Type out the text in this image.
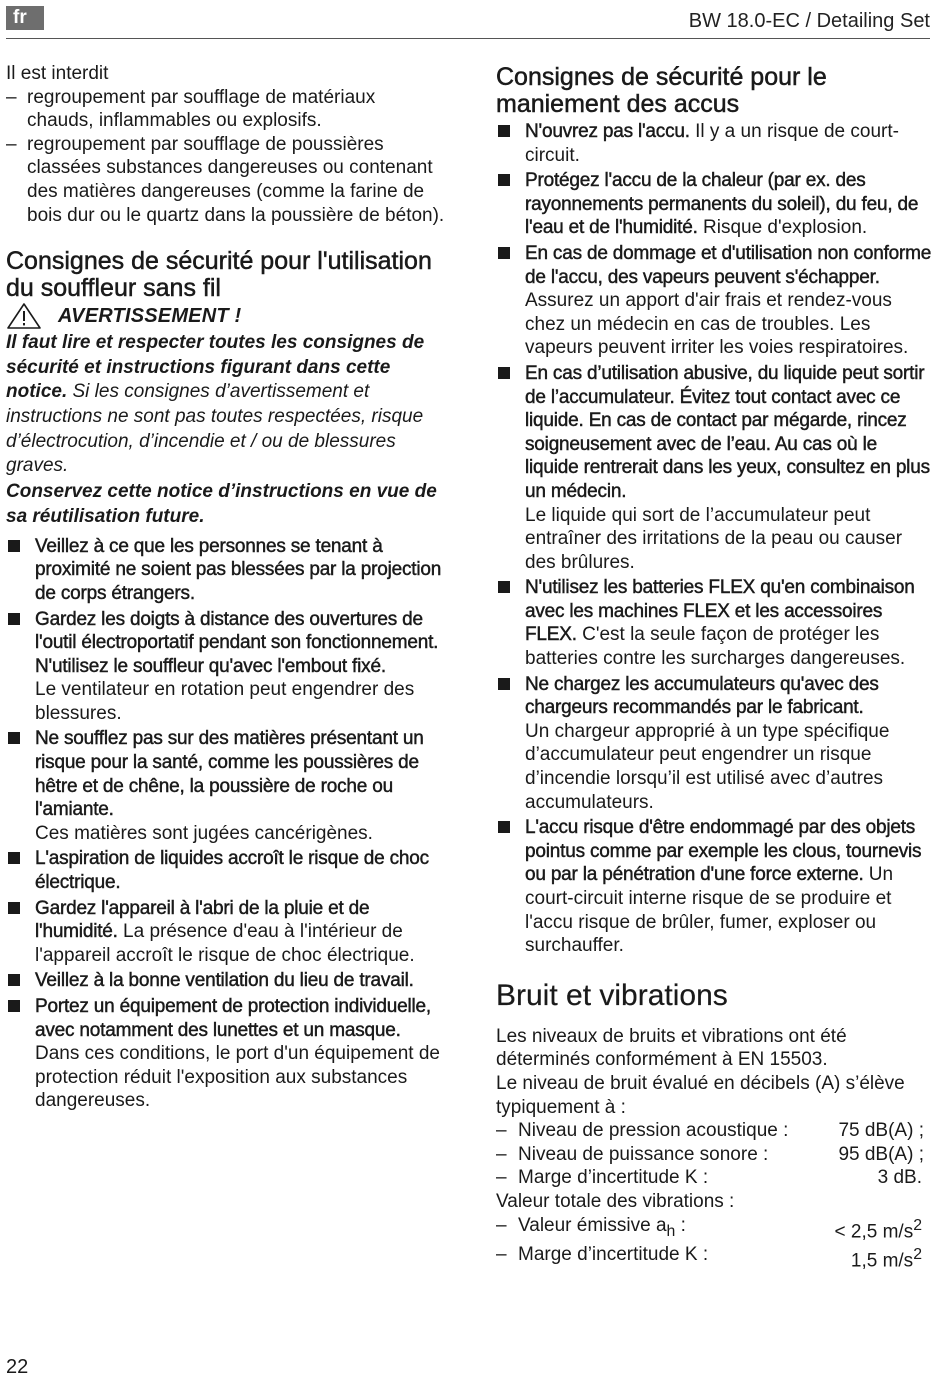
fr	BW 18.0-EC / Detailing Set

Il est interdit

– regroupement par soufflage de matériaux chauds, inflammables ou explosifs.
– regroupement par soufflage de poussières classées substances dangereuses ou contenant des matières dangereuses (comme la farine de bois dur ou le quartz dans la poussière de béton).
Consignes de sécurité pour l'utilisation du souffleur sans fil
AVERTISSEMENT !

Il faut lire et respecter toutes les consignes de sécurité et instructions figurant dans cette notice. Si les consignes d’avertissement et instructions ne sont pas toutes respectées, risque d’électrocution, d’incendie et / ou de blessures graves.

Conservez cette notice d’instructions en vue de sa réutilisation future.

Veillez à ce que les personnes se tenant à proximité ne soient pas blessées par la projection de corps étrangers.
Gardez les doigts à distance des ouvertures de l'outil électroportatif pendant son fonctionnement. N'utilisez le souffleur qu'avec l'embout fixé.
Le ventilateur en rotation peut engendrer des blessures.
Ne soufflez pas sur des matières présentant un risque pour la santé, comme les poussières de hêtre et de chêne, la poussière de roche ou l'amiante.
Ces matières sont jugées cancérigènes.
L'aspiration de liquides accroît le risque de choc électrique.
Gardez l'appareil à l'abri de la pluie et de l'humidité. La présence d'eau à l'intérieur de l'appareil accroît le risque de choc électrique.
Veillez à la bonne ventilation du lieu de travail.
Portez un équipement de protection individuelle, avec notamment des lunettes et un masque. Dans ces conditions, le port d'un équipement de protection réduit l'exposition aux substances dangereuses.
Consignes de sécurité pour le maniement des accus
N'ouvrez pas l'accu. Il y a un risque de court-circuit.
Protégez l'accu de la chaleur (par ex. des rayonnements permanents du soleil), du feu, de l'eau et de l'humidité. Risque d'explosion.
En cas de dommage et d'utilisation non conforme de l'accu, des vapeurs peuvent s'échapper. Assurez un apport d'air frais et rendez-vous chez un médecin en cas de troubles. Les vapeurs peuvent irriter les voies respiratoires.
En cas d’utilisation abusive, du liquide peut sortir de l’accumulateur. Évitez tout contact avec ce liquide. En cas de contact par mégarde, rincez soigneusement avec de l’eau. Au cas où le liquide rentrerait dans les yeux, consultez en plus un médecin.
Le liquide qui sort de l’accumulateur peut entraîner des irritations de la peau ou causer des brûlures.
N'utilisez les batteries FLEX qu'en combinaison avec les machines FLEX et les accessoires FLEX. C'est la seule façon de protéger les batteries contre les surcharges dangereuses.
Ne chargez les accumulateurs qu'avec des chargeurs recommandés par le fabricant.
Un chargeur approprié à un type spécifique d’accumulateur peut engendrer un risque d’incendie lorsqu’il est utilisé avec d’autres accumulateurs.
L'accu risque d'être endommagé par des objets pointus comme par exemple les clous, tournevis ou par la pénétration d'une force externe. Un court-circuit interne risque de se produire et l'accu risque de brûler, fumer, exploser ou surchauffer.
Bruit et vibrations

Les niveaux de bruits et vibrations ont été déterminés conformément à EN 15503.

Le niveau de bruit évalué en décibels (A) s’élève typiquement à :

– Niveau de pression acoustique :	75 dB(A) ;
– Niveau de puissance sonore :	95 dB(A) ;
– Marge d’incertitude K :	3 dB.

Valeur totale des vibrations :

– Valeur émissive $a_h$ :	< 2,5 $m/s^2$
– Marge d’incertitude K :	1,5 $m/s^2$
22
